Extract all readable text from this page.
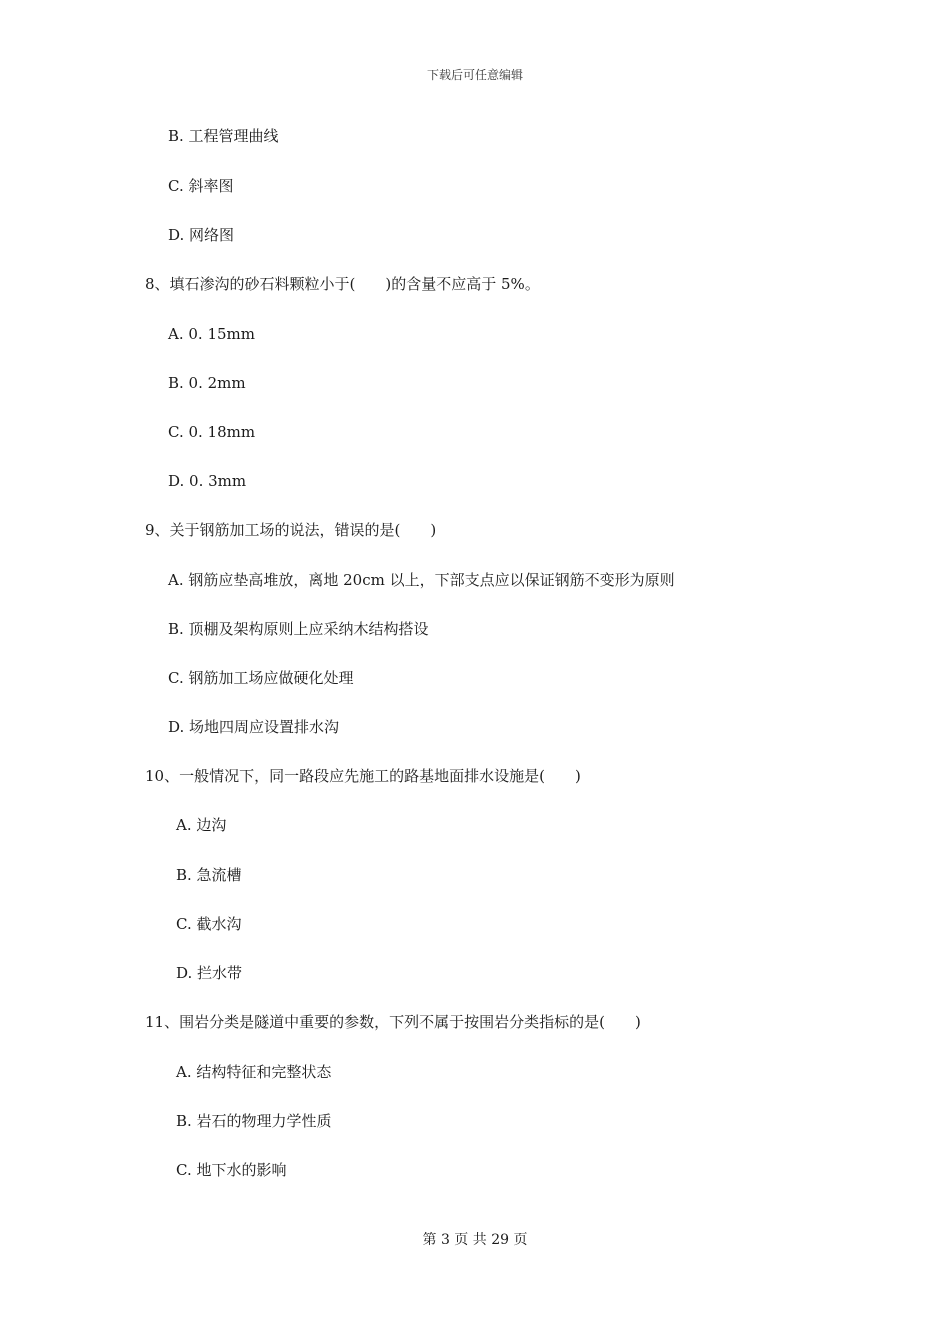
下载后可任意编辑
B. 工程管理曲线
C. 斜率图
D. 网络图
8、填石渗沟的砂石料颗粒小于(　　)的含量不应高于 5%。
A. 0. 15mm
B. 0. 2mm
C. 0. 18mm
D. 0. 3mm
9、关于钢筋加工场的说法，错误的是(　　)
A. 钢筋应垫高堆放，离地 20cm 以上，下部支点应以保证钢筋不变形为原则
B. 顶棚及架构原则上应采纳木结构搭设
C. 钢筋加工场应做硬化处理
D. 场地四周应设置排水沟
10、一般情况下，同一路段应先施工的路基地面排水设施是(　　)
A. 边沟
B. 急流槽
C. 截水沟
D. 拦水带
11、围岩分类是隧道中重要的参数，下列不属于按围岩分类指标的是(　　)
A. 结构特征和完整状态
B. 岩石的物理力学性质
C. 地下水的影响
第 3 页 共 29 页
